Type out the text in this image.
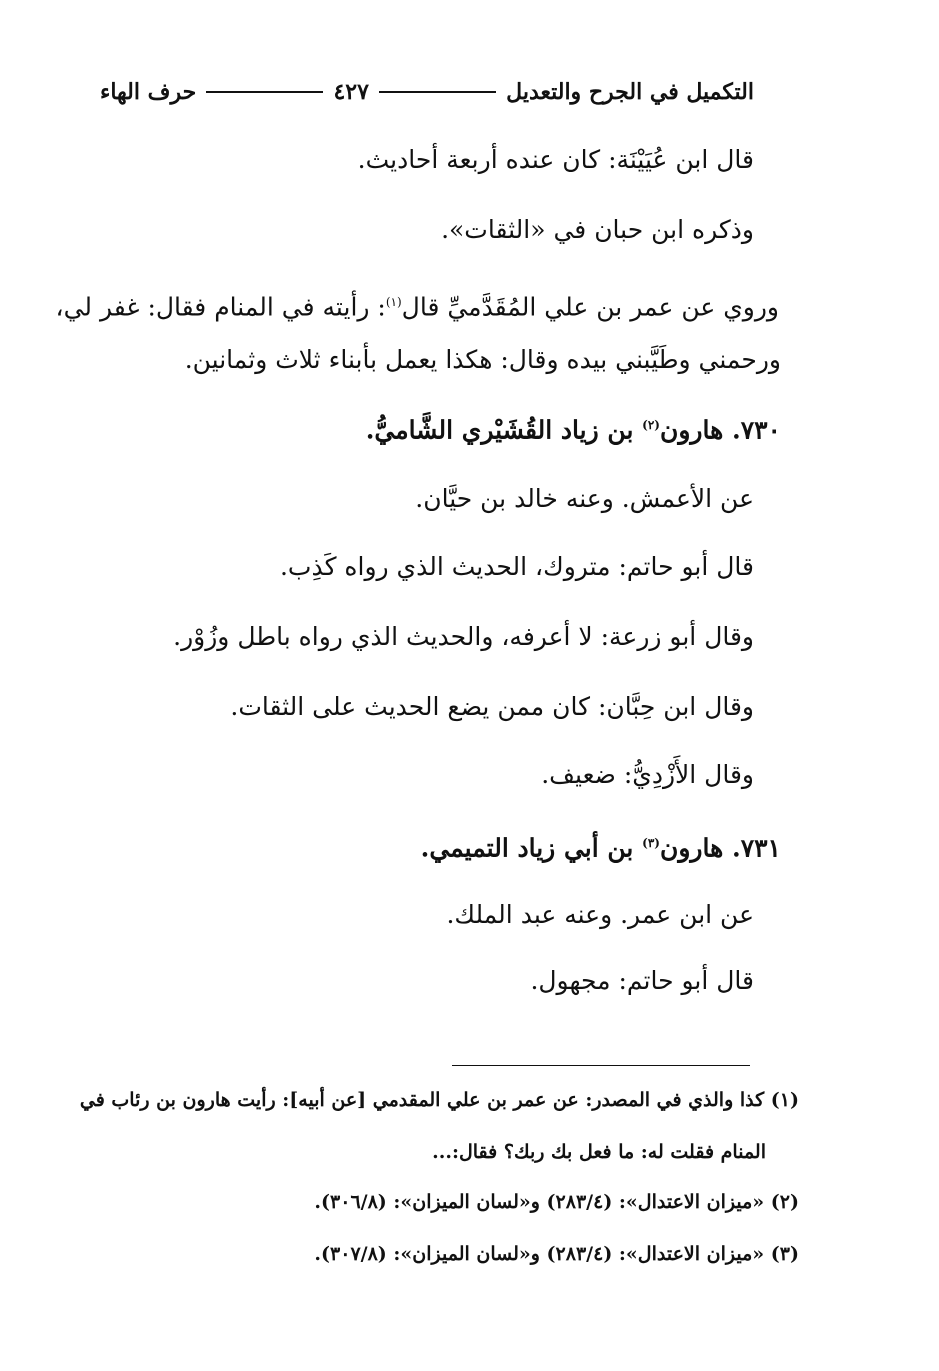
التكميل في الجرح والتعديل
٤٢٧
حرف الهاء
قال ابن عُيَيْنَة: كان عنده أربعة أحاديث.
وذكره ابن حبان في «الثقات».
وروي عن عمر بن علي المُقَدَّميِّ قال$^{(١)}$: رأيته في المنام فقال: غفر لي،
ورحمني وطَيَّبني بيده وقال: هكذا يعمل بأبناء ثلاث وثمانين.
٧٣٠. هارون$^{(٢)}$ بن زياد القُشَيْري الشَّاميُّ.
عن الأعمش. وعنه خالد بن حيَّان.
قال أبو حاتم: متروك، الحديث الذي رواه كَذِب.
وقال أبو زرعة: لا أعرفه، والحديث الذي رواه باطل وزُوْر.
وقال ابن حِبَّان: كان ممن يضع الحديث على الثقات.
وقال الأَزْدِيُّ: ضعيف.
٧٣١. هارون$^{(٣)}$ بن أبي زياد التميمي.
عن ابن عمر. وعنه عبد الملك.
قال أبو حاتم: مجهول.
(١) كذا والذي في المصدر: عن عمر بن علي المقدمي [عن أبيه]: رأيت هارون بن رئاب في
المنام فقلت له: ما فعل بك ربك؟ فقال:...
(٢) «ميزان الاعتدال»: (٢٨٣/٤) و«لسان الميزان»: (٣٠٦/٨).
(٣) «ميزان الاعتدال»: (٢٨٣/٤) و«لسان الميزان»: (٣٠٧/٨).
